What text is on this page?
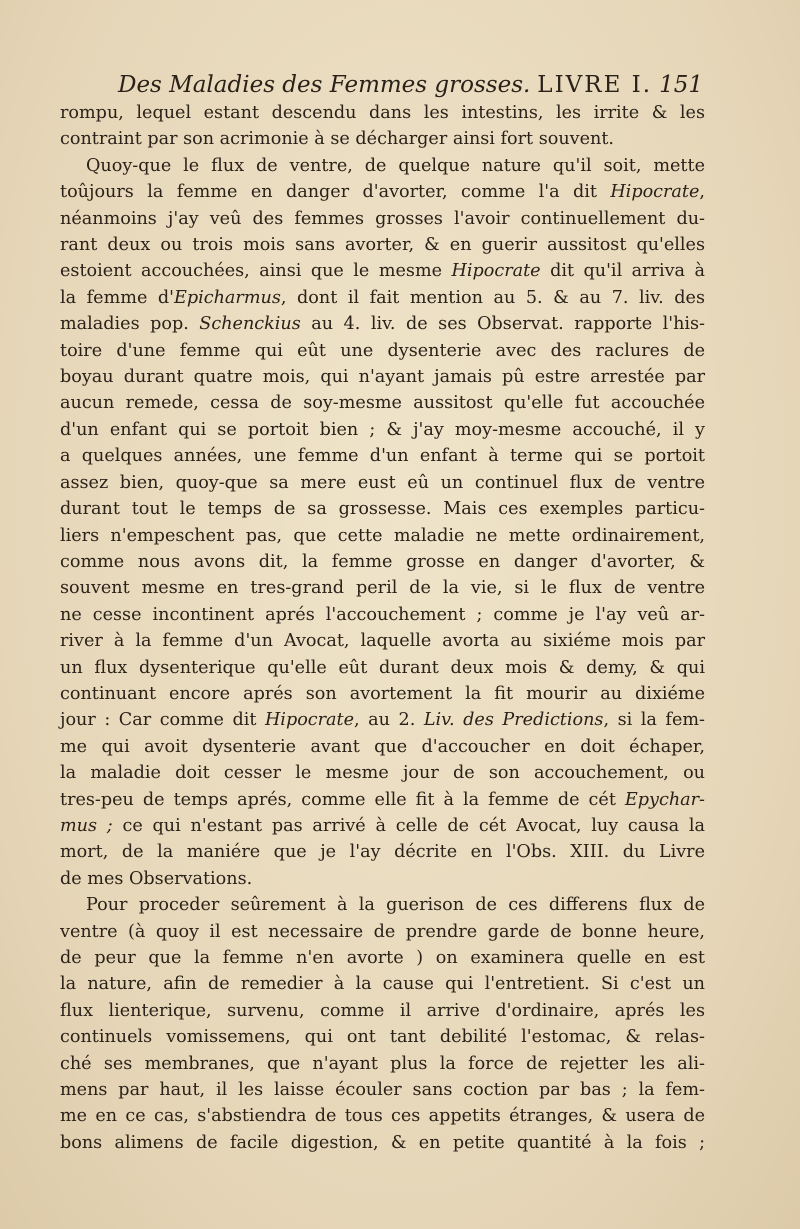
Des Maladies des Femmes grosses. LIVRE I. 151
rompu, lequel estant descendu dans les intestins, les irrite & les
contraint par son acrimonie à se décharger ainsi fort souvent.
Quoy-que le flux de ventre, de quelque nature qu'il soit, mette
toûjours la femme en danger d'avorter, comme l'a dit Hipocrate,
néanmoins j'ay veû des femmes grosses l'avoir continuellement du-
rant deux ou trois mois sans avorter, & en guerir aussitost qu'elles
estoient accouchées, ainsi que le mesme Hipocrate dit qu'il arriva à
la femme d'Epicharmus, dont il fait mention au 5. & au 7. liv. des
maladies pop. Schenckius au 4. liv. de ses Observat. rapporte l'his-
toire d'une femme qui eût une dysenterie avec des raclures de
boyau durant quatre mois, qui n'ayant jamais pû estre arrestée par
aucun remede, cessa de soy-mesme aussitost qu'elle fut accouchée
d'un enfant qui se portoit bien ; & j'ay moy-mesme accouché, il y
a quelques années, une femme d'un enfant à terme qui se portoit
assez bien, quoy-que sa mere eust eû un continuel flux de ventre
durant tout le temps de sa grossesse. Mais ces exemples particu-
liers n'empeschent pas, que cette maladie ne mette ordinairement,
comme nous avons dit, la femme grosse en danger d'avorter, &
souvent mesme en tres-grand peril de la vie, si le flux de ventre
ne cesse incontinent aprés l'accouchement ; comme je l'ay veû ar-
river à la femme d'un Avocat, laquelle avorta au sixiéme mois par
un flux dysenterique qu'elle eût durant deux mois & demy, & qui
continuant encore aprés son avortement la fit mourir au dixiéme
jour : Car comme dit Hipocrate, au 2. Liv. des Predictions, si la fem-
me qui avoit dysenterie avant que d'accoucher en doit échaper,
la maladie doit cesser le mesme jour de son accouchement, ou
tres-peu de temps aprés, comme elle fit à la femme de cét Epychar-
mus ; ce qui n'estant pas arrivé à celle de cét Avocat, luy causa la
mort, de la maniére que je l'ay décrite en l'Obs. XIII. du Livre
de mes Observations.
Pour proceder seûrement à la guerison de ces differens flux de
ventre (à quoy il est necessaire de prendre garde de bonne heure,
de peur que la femme n'en avorte ) on examinera quelle en est
la nature, afin de remedier à la cause qui l'entretient. Si c'est un
flux lienterique, survenu, comme il arrive d'ordinaire, aprés les
continuels vomissemens, qui ont tant debilité l'estomac, & relas-
ché ses membranes, que n'ayant plus la force de rejetter les ali-
mens par haut, il les laisse écouler sans coction par bas ; la fem-
me en ce cas, s'abstiendra de tous ces appetits étranges, & usera de
bons alimens de facile digestion, & en petite quantité à la fois ;
